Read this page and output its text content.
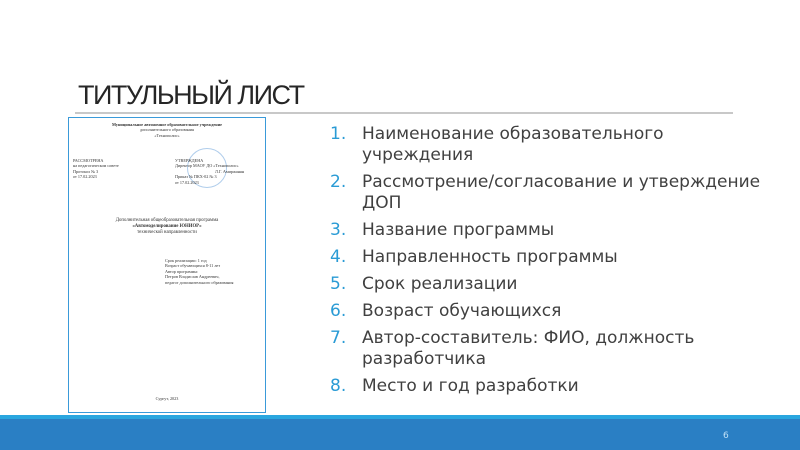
ТИТУЛЬНЫЙ ЛИСТ
Муниципальное автономное образовательное учреждение
дополнительного образования
«Технополис»
РАССМОТРЕНА
на педагогическом совете
Протокол № 3
от 17.02.2023
УТВЕРЖДЕНА
Директор МАОУ ДО «Технополис»
Л.Г. Амиржанян
Приказ № ПКХ-02 № 3
от 17.02.2023
Дополнительная общеобразовательная программа
«Автомоделирование ЮНИОР»
технической направленности
Срок реализации: 1 год
Возраст обучающихся 8-11 лет
Автор программы:
Петров Владислав Андреевич,
педагог дополнительного образования
Сургут, 2023
1. Наименование образовательного учреждения
2. Рассмотрение/согласование и утверждение ДОП
3. Название программы
4. Направленность программы
5. Срок реализации
6. Возраст обучающихся
7. Автор-составитель: ФИО, должность разработчика
8. Место и год разработки
6
